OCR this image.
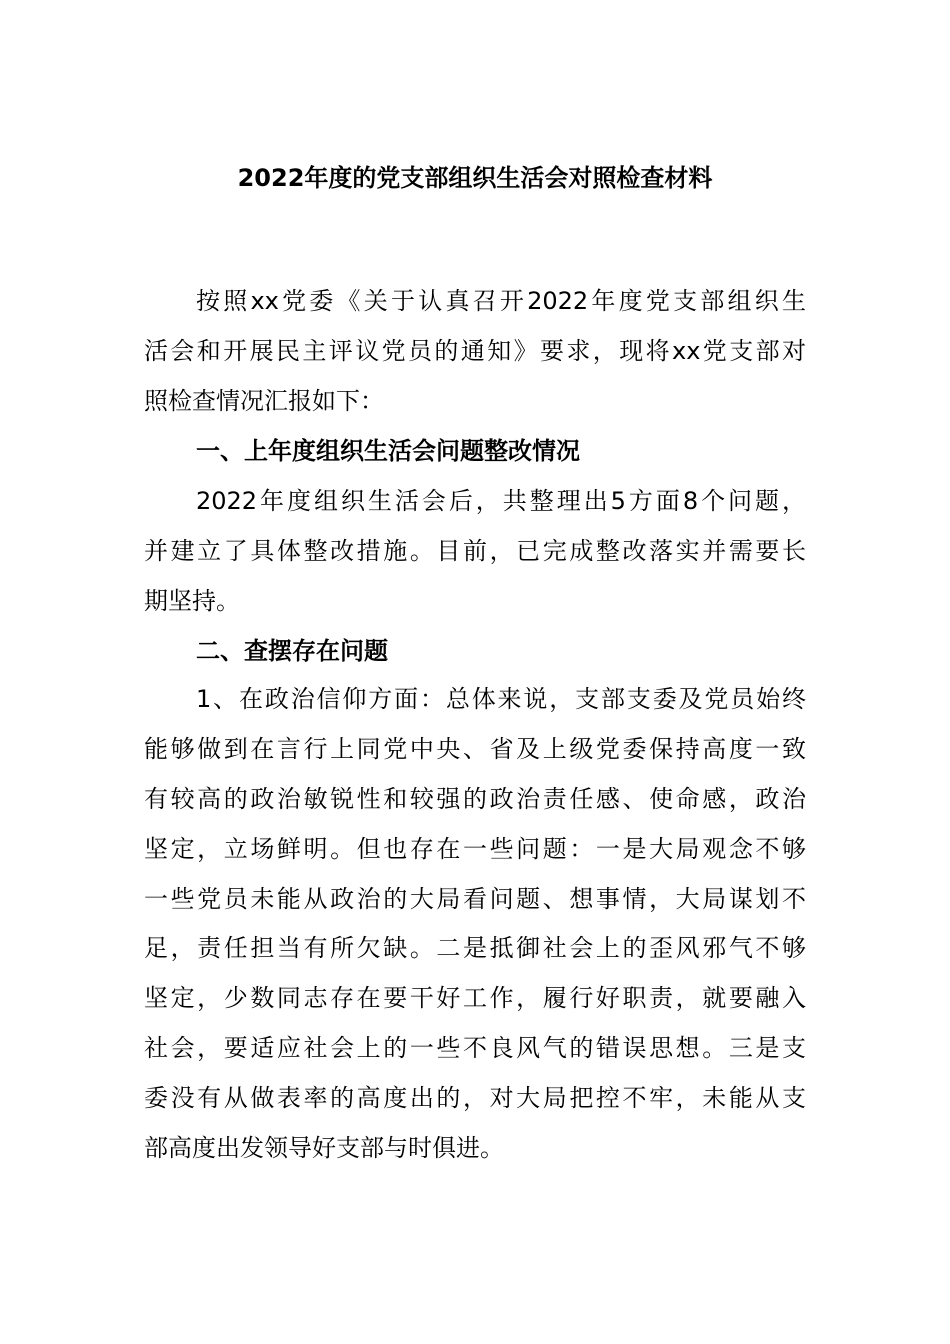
2022年度的党支部组织生活会对照检查材料
按照xx党委《关于认真召开2022年度党支部组织生
活会和开展民主评议党员的通知》要求，现将xx党支部对
照检查情况汇报如下：
一、上年度组织生活会问题整改情况
2022年度组织生活会后，共整理出5方面8个问题，
并建立了具体整改措施。目前，已完成整改落实并需要长
期坚持。
二、查摆存在问题
1、在政治信仰方面：总体来说，支部支委及党员始终
能够做到在言行上同党中央、省及上级党委保持高度一致
有较高的政治敏锐性和较强的政治责任感、使命感，政治
坚定，立场鲜明。但也存在一些问题：一是大局观念不够
一些党员未能从政治的大局看问题、想事情，大局谋划不
足，责任担当有所欠缺。二是抵御社会上的歪风邪气不够
坚定，少数同志存在要干好工作，履行好职责，就要融入
社会，要适应社会上的一些不良风气的错误思想。三是支
委没有从做表率的高度出的，对大局把控不牢，未能从支
部高度出发领导好支部与时俱进。
